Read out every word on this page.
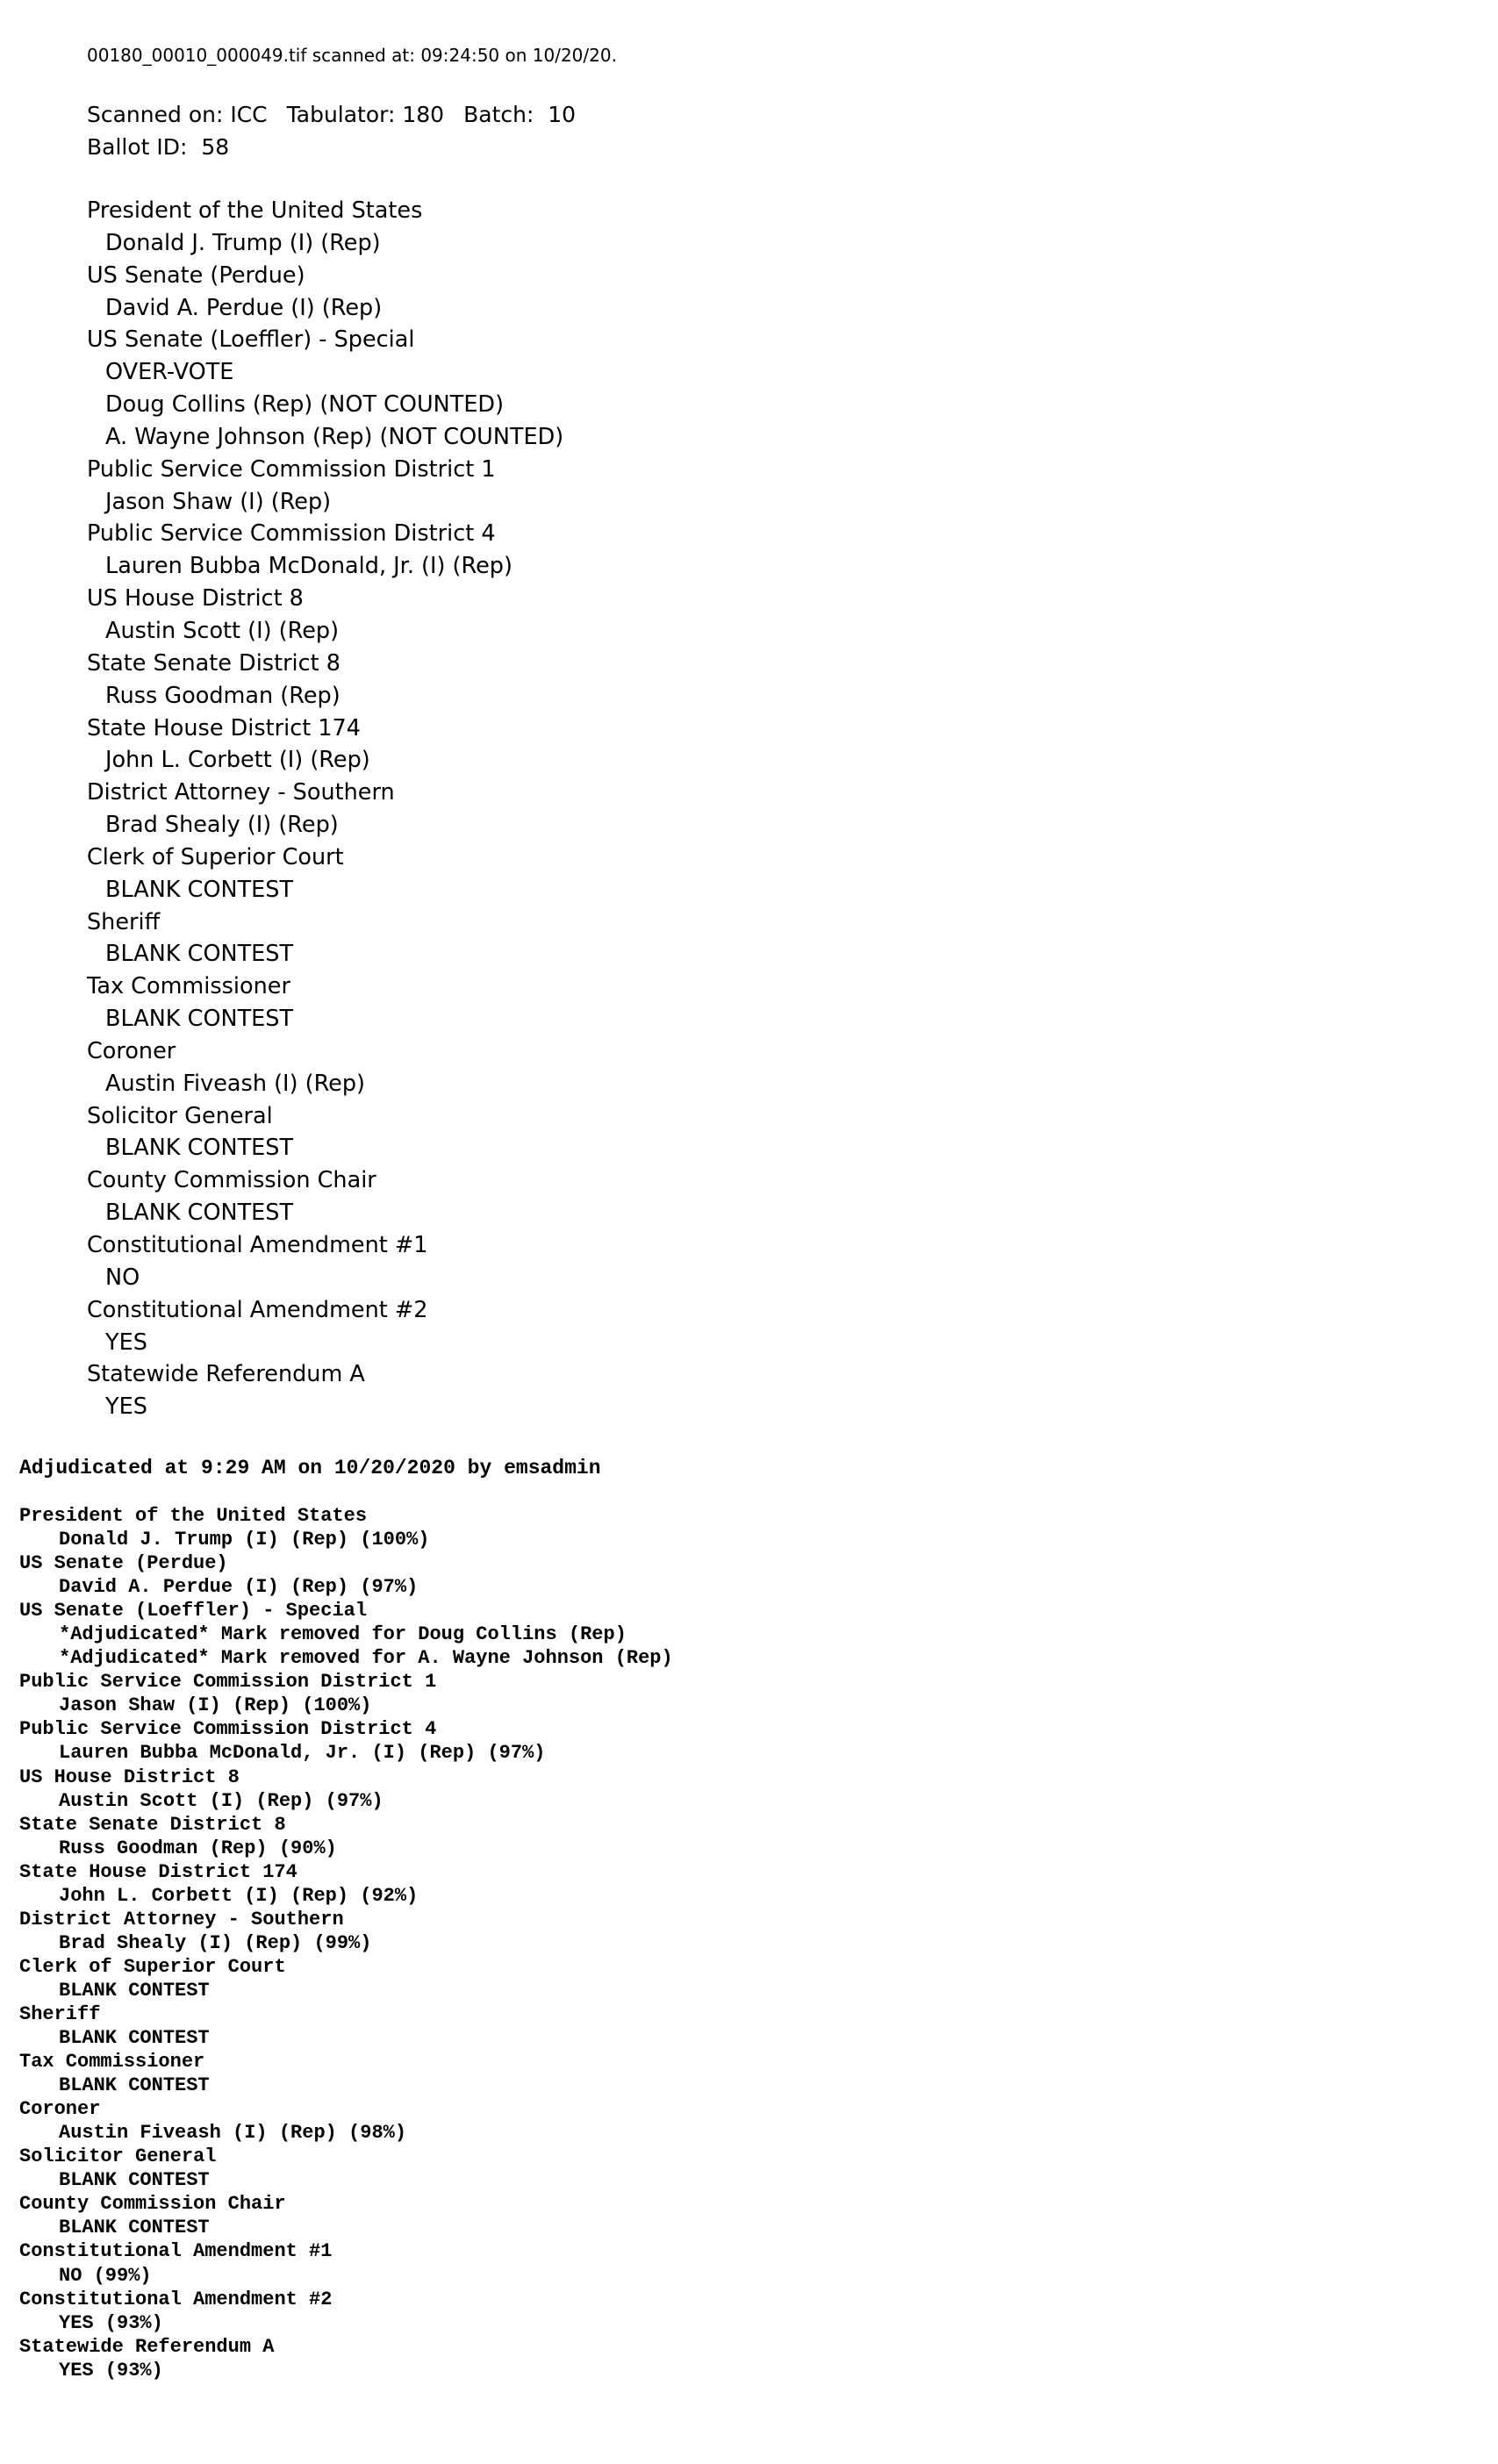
00180_00010_000049.tif scanned at: 09:24:50 on 10/20/20.
Scanned on: ICC Tabulator: 180 Batch:  10
Ballot ID:  58
President of the United States
Donald J. Trump (I) (Rep)
US Senate (Perdue)
David A. Perdue (I) (Rep)
US Senate (Loeffler) - Special
OVER-VOTE
Doug Collins (Rep) (NOT COUNTED)
A. Wayne Johnson (Rep) (NOT COUNTED)
Public Service Commission District 1
Jason Shaw (I) (Rep)
Public Service Commission District 4
Lauren Bubba McDonald, Jr. (I) (Rep)
US House District 8
Austin Scott (I) (Rep)
State Senate District 8
Russ Goodman (Rep)
State House District 174
John L. Corbett (I) (Rep)
District Attorney - Southern
Brad Shealy (I) (Rep)
Clerk of Superior Court
BLANK CONTEST
Sheriff
BLANK CONTEST
Tax Commissioner
BLANK CONTEST
Coroner
Austin Fiveash (I) (Rep)
Solicitor General
BLANK CONTEST
County Commission Chair
BLANK CONTEST
Constitutional Amendment #1
NO
Constitutional Amendment #2
YES
Statewide Referendum A
YES
Adjudicated at 9:29 AM on 10/20/2020 by emsadmin
President of the United States
Donald J. Trump (I) (Rep) (100%)
US Senate (Perdue)
David A. Perdue (I) (Rep) (97%)
US Senate (Loeffler) - Special
*Adjudicated* Mark removed for Doug Collins (Rep)
*Adjudicated* Mark removed for A. Wayne Johnson (Rep)
Public Service Commission District 1
Jason Shaw (I) (Rep) (100%)
Public Service Commission District 4
Lauren Bubba McDonald, Jr. (I) (Rep) (97%)
US House District 8
Austin Scott (I) (Rep) (97%)
State Senate District 8
Russ Goodman (Rep) (90%)
State House District 174
John L. Corbett (I) (Rep) (92%)
District Attorney - Southern
Brad Shealy (I) (Rep) (99%)
Clerk of Superior Court
BLANK CONTEST
Sheriff
BLANK CONTEST
Tax Commissioner
BLANK CONTEST
Coroner
Austin Fiveash (I) (Rep) (98%)
Solicitor General
BLANK CONTEST
County Commission Chair
BLANK CONTEST
Constitutional Amendment #1
NO (99%)
Constitutional Amendment #2
YES (93%)
Statewide Referendum A
YES (93%)
